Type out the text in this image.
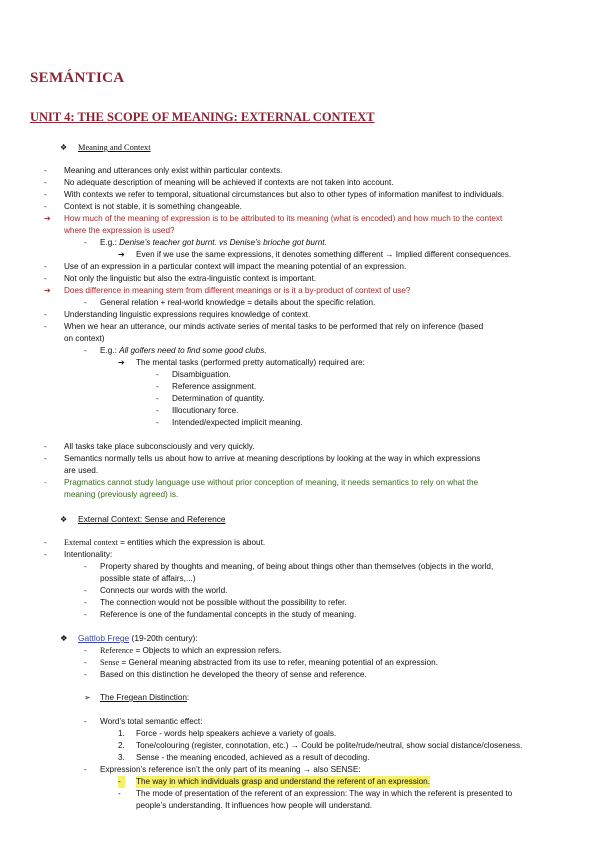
SEMÁNTICA
UNIT 4: THE SCOPE OF MEANING: EXTERNAL CONTEXT
❖ Meaning and Context
- Meaning and utterances only exist within particular contexts.
- No adequate description of meaning will be achieved if contexts are not taken into account.
- With contexts we refer to temporal, situational circumstances but also to other types of information manifest to individuals.
- Context is not stable, it is something changeable.
➔ How much of the meaning of expression is to be attributed to its meaning (what is encoded) and how much to the context
where the expression is used?
- E.g.: Denise’s teacher got burnt. vs Denise’s brioche got burnt.
➔ Even if we use the same expressions, it denotes something different → Implied different consequences.
- Use of an expression in a particular context will impact the meaning potential of an expression.
- Not only the linguistic but also the extra-linguistic context is important.
➔ Does difference in meaning stem from different meanings or is it a by-product of context of use?
- General relation + real-world knowledge = details about the specific relation.
- Understanding linguistic expressions requires knowledge of context.
- When we hear an utterance, our minds activate series of mental tasks to be performed that rely on inference (based
on context)
- E.g.: All golfers need to find some good clubs.
➔ The mental tasks (performed pretty automatically) required are:
- Disambiguation.
- Reference assignment.
- Determination of quantity.
- Illocutionary force.
- Intended/expected implicit meaning.
- All tasks take place subconsciously and very quickly.
- Semantics normally tells us about how to arrive at meaning descriptions by looking at the way in which expressions
are used.
- Pragmatics cannot study language use without prior conception of meaning, it needs semantics to rely on what the
meaning (previously agreed) is.
❖ External Context: Sense and Reference
- External context = entities which the expression is about.
- Intentionality:
- Property shared by thoughts and meaning, of being about things other than themselves (objects in the world,
possible state of affairs,...)
- Connects our words with the world.
- The connection would not be possible without the possibility to refer.
- Reference is one of the fundamental concepts in the study of meaning.
❖ Gattlob Frege (19-20th century):
- Reference = Objects to which an expression refers.
- Sense = General meaning abstracted from its use to refer, meaning potential of an expression.
- Based on this distinction he developed the theory of sense and reference.
➢ The Fregean Distinction:
- Word’s total semantic effect:
1. Force - words help speakers achieve a variety of goals.
2. Tone/colouring (register, connotation, etc.) → Could be polite/rude/neutral, show social distance/closeness.
3. Sense - the meaning encoded, achieved as a result of decoding.
- Expression’s reference isn’t the only part of its meaning → also SENSE:
-	The way in which individuals grasp and understand the referent of an expression.
- The mode of presentation of the referent of an expression: The way in which the referent is presented to
people’s understanding. It influences how people will understand.
